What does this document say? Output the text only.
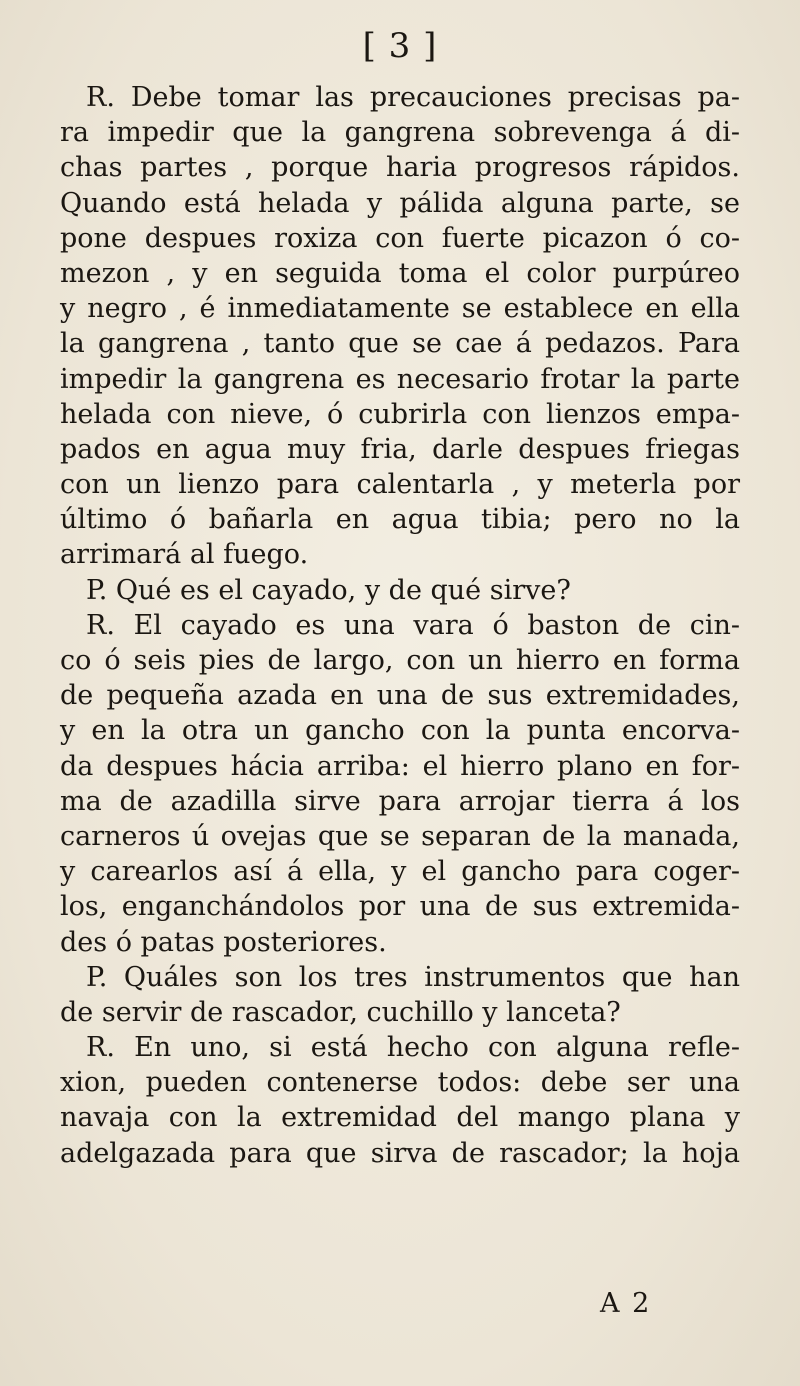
[ 3 ]
R. Debe tomar las precauciones precisas pa-
ra impedir que la gangrena sobrevenga á di-
chas partes , porque haria progresos rápidos.
Quando está helada y pálida alguna parte, se
pone despues roxiza con fuerte picazon ó co-
mezon , y en seguida toma el color purpúreo
y negro , é inmediatamente se establece en ella
la gangrena , tanto que se cae á pedazos. Para
impedir la gangrena es necesario frotar la parte
helada con nieve, ó cubrirla con lienzos empa-
pados en agua muy fria, darle despues friegas
con un lienzo para calentarla , y meterla por
último ó bañarla en agua tibia; pero no la
arrimará al fuego.
P. Qué es el cayado, y de qué sirve?
R. El cayado es una vara ó baston de cin-
co ó seis pies de largo, con un hierro en forma
de pequeña azada en una de sus extremidades,
y en la otra un gancho con la punta encorva-
da despues hácia arriba: el hierro plano en for-
ma de azadilla sirve para arrojar tierra á los
carneros ú ovejas que se separan de la manada,
y carearlos así á ella, y el gancho para coger-
los, enganchándolos por una de sus extremida-
des ó patas posteriores.
P. Quáles son los tres instrumentos que han
de servir de rascador, cuchillo y lanceta?
R. En uno, si está hecho con alguna refle-
xion, pueden contenerse todos: debe ser una
navaja con la extremidad del mango plana y
adelgazada para que sirva de rascador; la hoja
A 2
